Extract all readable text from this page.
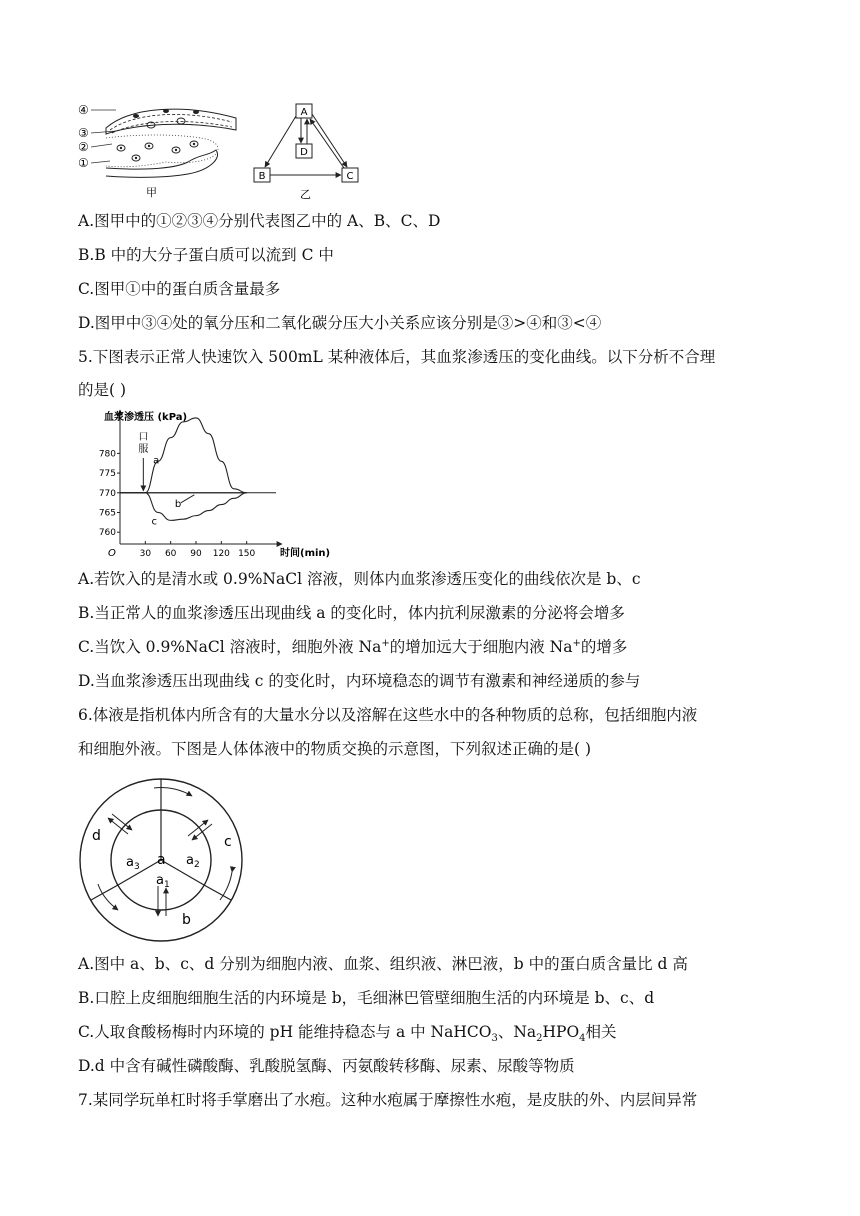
④
③
②
①
甲
A
D
B	C
乙
A.图甲中的①②③④分别代表图乙中的 A、B、C、D
B.B 中的大分子蛋白质可以流到 C 中
C.图甲①中的蛋白质含量最多
D.图甲中③④处的氧分压和二氧化碳分压大小关系应该分别是③>④和③<④
5.下图表示正常人快速饮入 500mL 某种液体后，其血浆渗透压的变化曲线。以下分析不合理
的是( )
760
765
770
775
780
30 60 90 120 150
血浆渗透压 (kPa)
时间(min)
O
口服
a
b
c
A.若饮入的是清水或 0.9%NaCl 溶液，则体内血浆渗透压变化的曲线依次是 b、c
B.当正常人的血浆渗透压出现曲线 a 的变化时，体内抗利尿激素的分泌将会增多
C.当饮入 0.9%NaCl 溶液时，细胞外液 Na+的增加远大于细胞内液 Na+的增多
D.当血浆渗透压出现曲线 c 的变化时，内环境稳态的调节有激素和神经递质的参与
6.体液是指机体内所含有的大量水分以及溶解在这些水中的各种物质的总称，包括细胞内液
和细胞外液。下图是人体体液中的物质交换的示意图，下列叙述正确的是( )
d	c
b
a
$a_3$	$a_2$
$a_1$
A.图中 a、b、c、d 分别为细胞内液、血浆、组织液、淋巴液，b 中的蛋白质含量比 d 高
B.口腔上皮细胞细胞生活的内环境是 b，毛细淋巴管壁细胞生活的内环境是 b、c、d
C.人取食酸杨梅时内环境的 pH 能维持稳态与 a 中 NaHCO$_3$、$Na_2HPO_4$相关
D.d 中含有碱性磷酸酶、乳酸脱氢酶、丙氨酸转移酶、尿素、尿酸等物质
7.某同学玩单杠时将手掌磨出了水疱。这种水疱属于摩擦性水疱，是皮肤的外、内层间异常
